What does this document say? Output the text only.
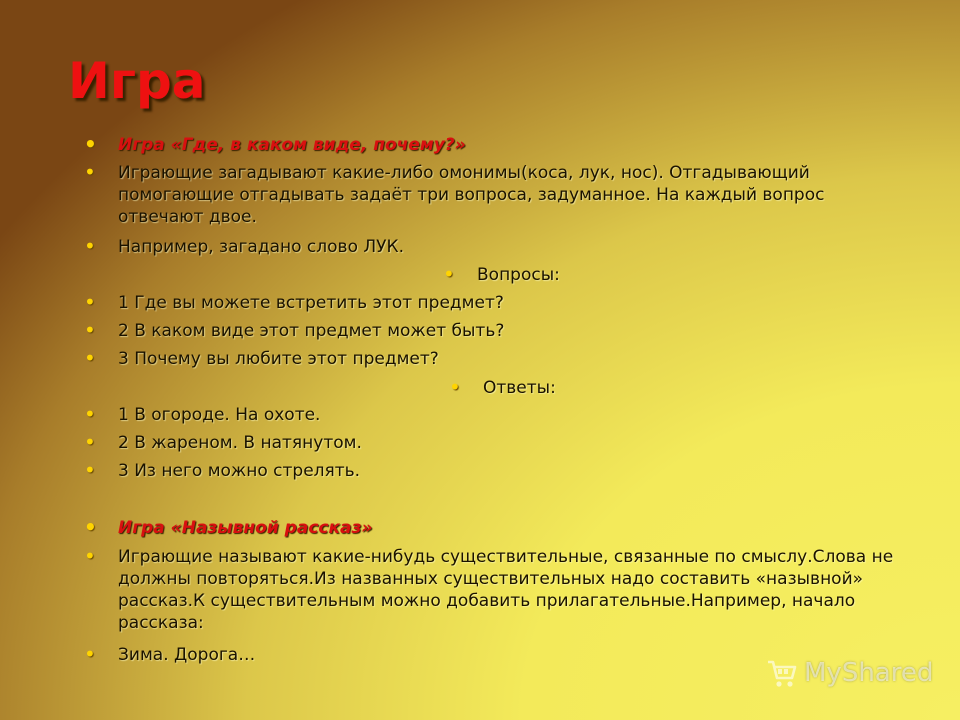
Игра
• Игра «Где, в каком виде, почему?»
• Играющие загадывают какие-либо омонимы(коса, лук, нос). Отгадывающий помогающие отгадывать задаёт три вопроса, задуманное. На каждый вопрос отвечают двое.
• Например, загадано слово ЛУК.
• Вопросы:
• 1 Где вы можете встретить этот предмет?
• 2 В каком виде этот предмет может быть?
• 3 Почему вы любите этот предмет?
• Ответы:
• 1 В огороде. На охоте.
• 2 В жареном. В натянутом.
• 3 Из него можно стрелять.
• Игра «Назывной рассказ»
• Играющие называют какие-нибудь существительные, связанные по смыслу.Слова не должны повторяться.Из названных существительных надо составить «назывной» рассказ.К существительным можно добавить прилагательные.Например, начало рассказа:
• Зима. Дорога…
MyShared
